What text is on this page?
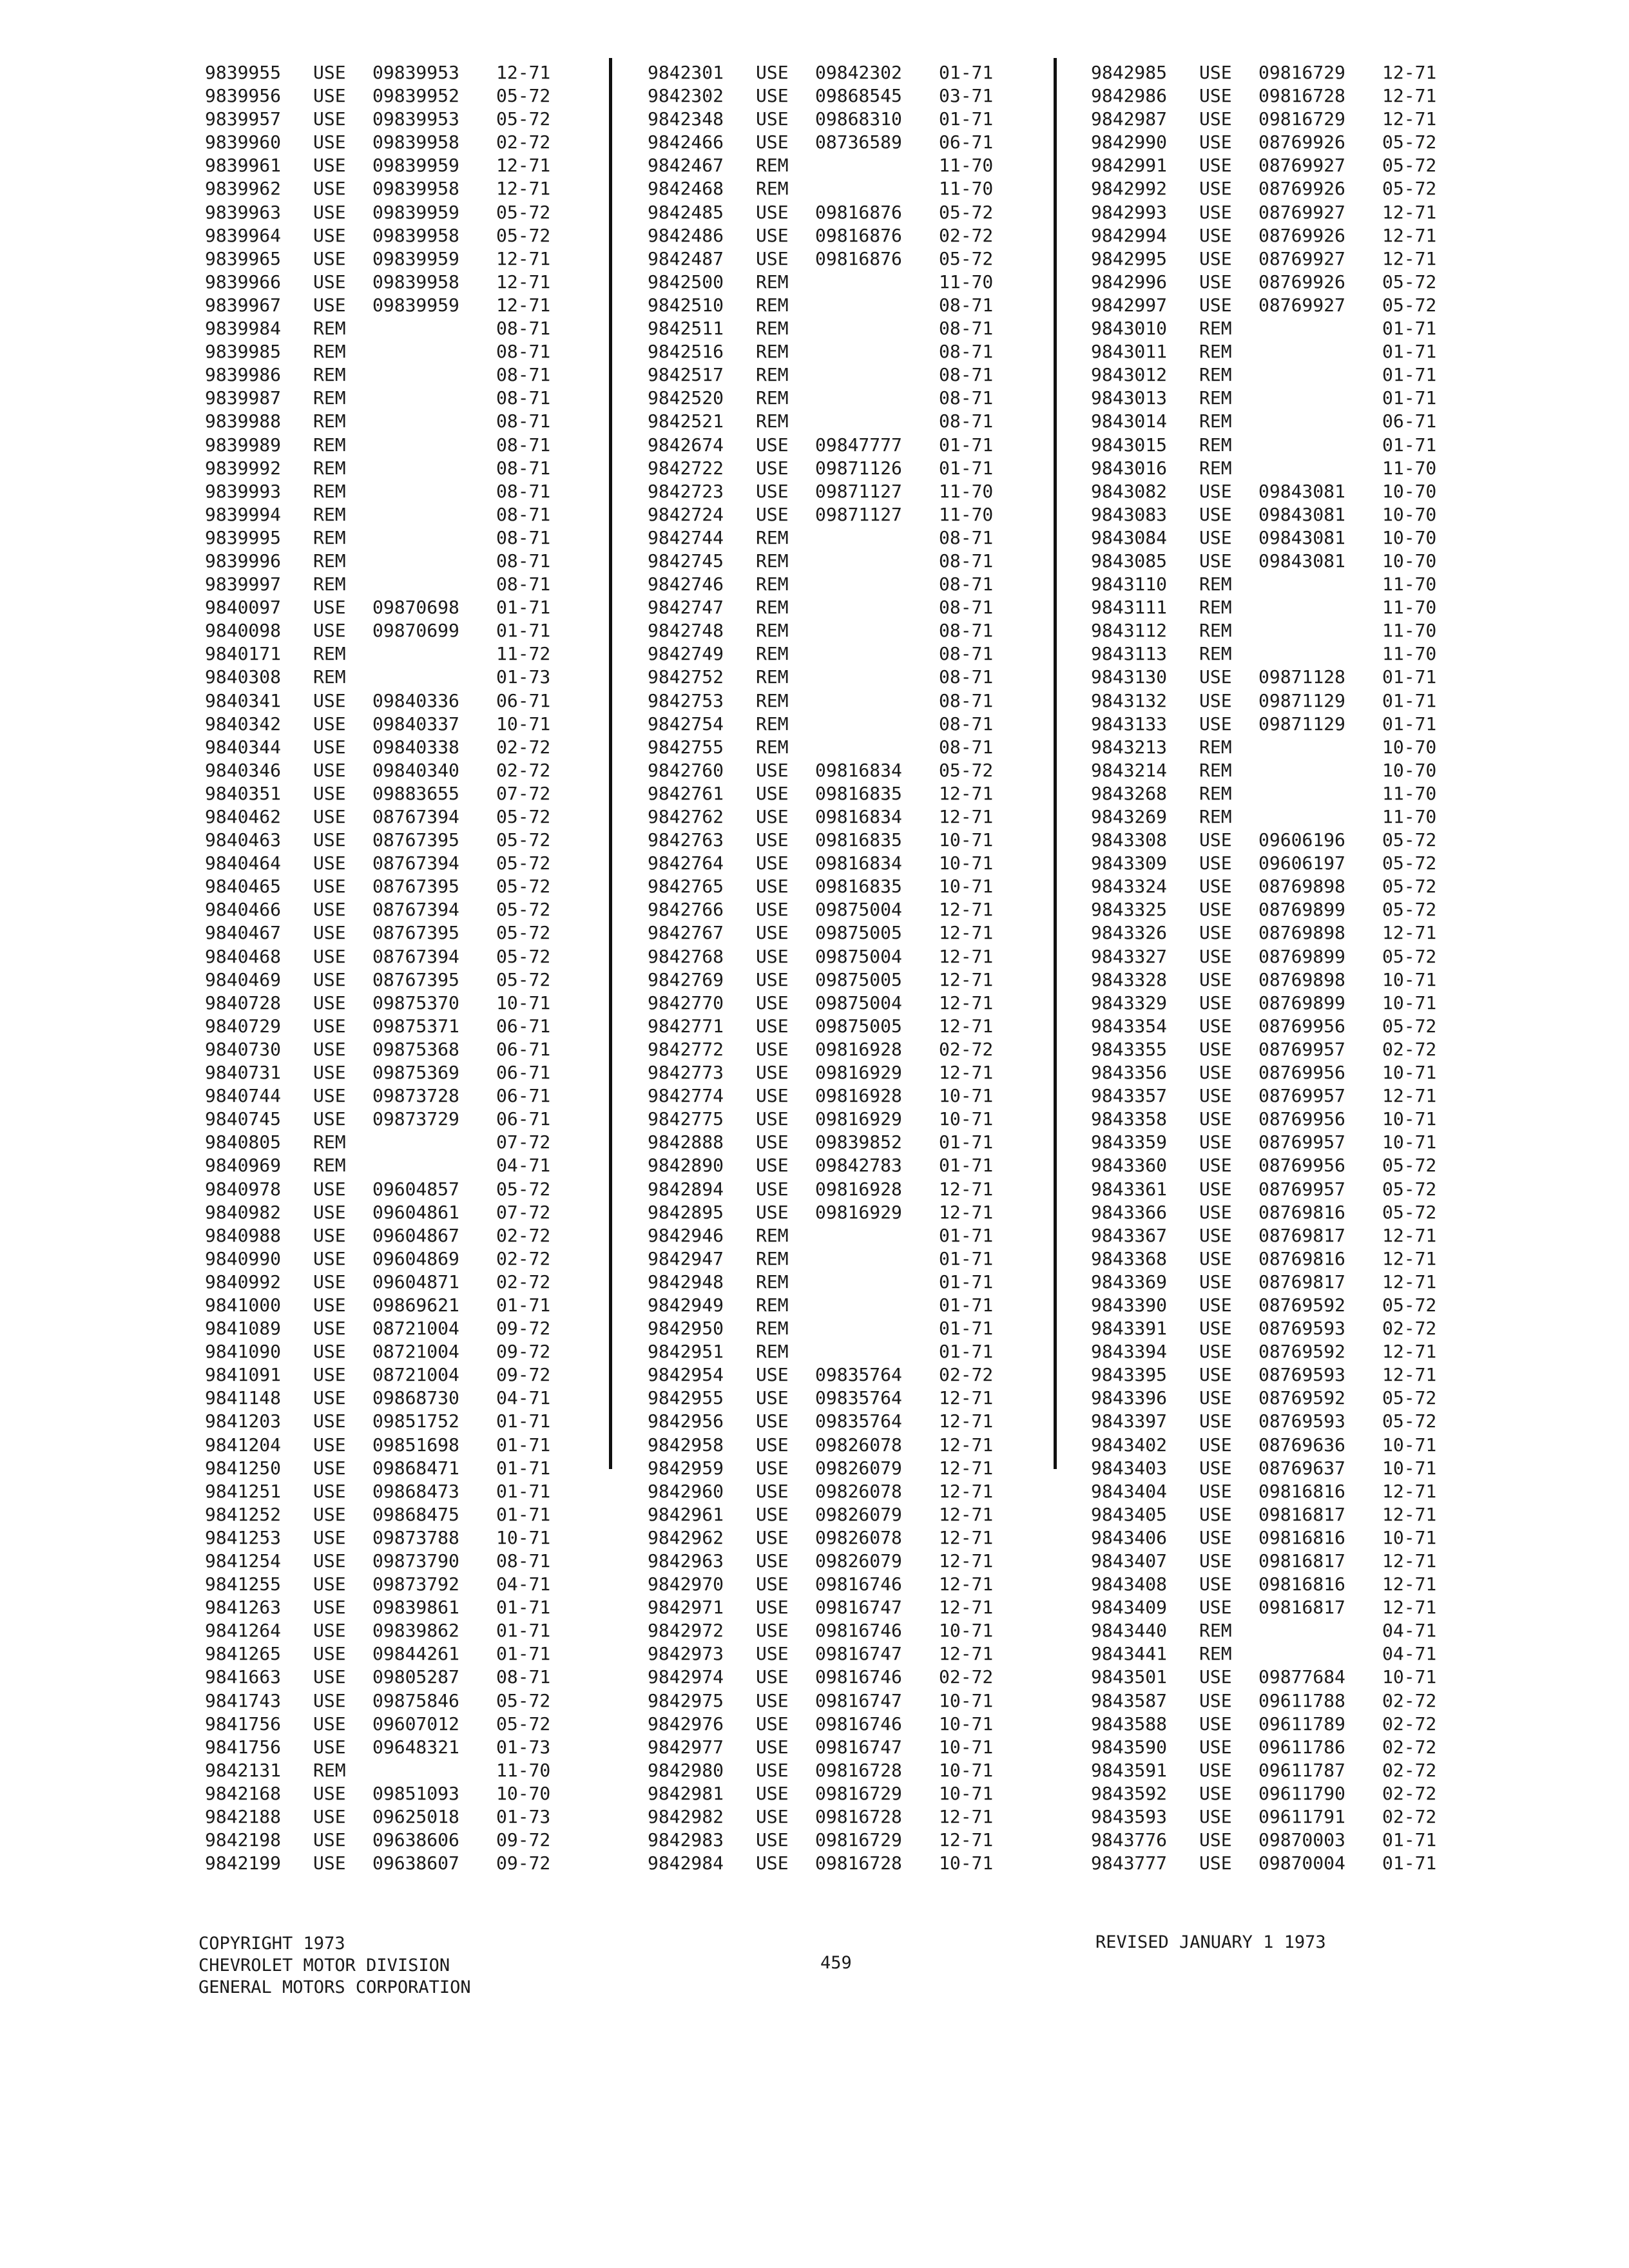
9839955 USE 09839953 12-71
9839956 USE 09839952 05-72
9839957 USE 09839953 05-72
9839960 USE 09839958 02-72
9839961 USE 09839959 12-71
9839962 USE 09839958 12-71
9839963 USE 09839959 05-72
9839964 USE 09839958 05-72
9839965 USE 09839959 12-71
9839966 USE 09839958 12-71
9839967 USE 09839959 12-71
9839984 REM	08-71
9839985 REM	08-71
9839986 REM	08-71
9839987 REM	08-71
9839988 REM	08-71
9839989 REM	08-71
9839992 REM	08-71
9839993 REM	08-71
9839994 REM	08-71
9839995 REM	08-71
9839996 REM	08-71
9839997 REM	08-71
9840097 USE 09870698 01-71
9840098 USE 09870699 01-71
9840171 REM	11-72
9840308 REM	01-73
9840341 USE 09840336 06-71
9840342 USE 09840337 10-71
9840344 USE 09840338 02-72
9840346 USE 09840340 02-72
9840351 USE 09883655 07-72
9840462 USE 08767394 05-72
9840463 USE 08767395 05-72
9840464 USE 08767394 05-72
9840465 USE 08767395 05-72
9840466 USE 08767394 05-72
9840467 USE 08767395 05-72
9840468 USE 08767394 05-72
9840469 USE 08767395 05-72
9840728 USE 09875370 10-71
9840729 USE 09875371 06-71
9840730 USE 09875368 06-71
9840731 USE 09875369 06-71
9840744 USE 09873728 06-71
9840745 USE 09873729 06-71
9840805 REM	07-72
9840969 REM	04-71
9840978 USE 09604857 05-72
9840982 USE 09604861 07-72
9840988 USE 09604867 02-72
9840990 USE 09604869 02-72
9840992 USE 09604871 02-72
9841000 USE 09869621 01-71
9841089 USE 08721004 09-72
9841090 USE 08721004 09-72
9841091 USE 08721004 09-72
9841148 USE 09868730 04-71
9841203 USE 09851752 01-71
9841204 USE 09851698 01-71
9841250 USE 09868471 01-71
9841251 USE 09868473 01-71
9841252 USE 09868475 01-71
9841253 USE 09873788 10-71
9841254 USE 09873790 08-71
9841255 USE 09873792 04-71
9841263 USE 09839861 01-71
9841264 USE 09839862 01-71
9841265 USE 09844261 01-71
9841663 USE 09805287 08-71
9841743 USE 09875846 05-72
9841756 USE 09607012 05-72
9841756 USE 09648321 01-73
9842131 REM	11-70
9842168 USE 09851093 10-70
9842188 USE 09625018 01-73
9842198 USE 09638606 09-72
9842199 USE 09638607 09-72
9842301 USE 09842302 01-71
9842302 USE 09868545 03-71
9842348 USE 09868310 01-71
9842466 USE 08736589 06-71
9842467 REM	11-70
9842468 REM	11-70
9842485 USE 09816876 05-72
9842486 USE 09816876 02-72
9842487 USE 09816876 05-72
9842500 REM	11-70
9842510 REM	08-71
9842511 REM	08-71
9842516 REM	08-71
9842517 REM	08-71
9842520 REM	08-71
9842521 REM	08-71
9842674 USE 09847777 01-71
9842722 USE 09871126 01-71
9842723 USE 09871127 11-70
9842724 USE 09871127 11-70
9842744 REM	08-71
9842745 REM	08-71
9842746 REM	08-71
9842747 REM	08-71
9842748 REM	08-71
9842749 REM	08-71
9842752 REM	08-71
9842753 REM	08-71
9842754 REM	08-71
9842755 REM	08-71
9842760 USE 09816834 05-72
9842761 USE 09816835 12-71
9842762 USE 09816834 12-71
9842763 USE 09816835 10-71
9842764 USE 09816834 10-71
9842765 USE 09816835 10-71
9842766 USE 09875004 12-71
9842767 USE 09875005 12-71
9842768 USE 09875004 12-71
9842769 USE 09875005 12-71
9842770 USE 09875004 12-71
9842771 USE 09875005 12-71
9842772 USE 09816928 02-72
9842773 USE 09816929 12-71
9842774 USE 09816928 10-71
9842775 USE 09816929 10-71
9842888 USE 09839852 01-71
9842890 USE 09842783 01-71
9842894 USE 09816928 12-71
9842895 USE 09816929 12-71
9842946 REM	01-71
9842947 REM	01-71
9842948 REM	01-71
9842949 REM	01-71
9842950 REM	01-71
9842951 REM	01-71
9842954 USE 09835764 02-72
9842955 USE 09835764 12-71
9842956 USE 09835764 12-71
9842958 USE 09826078 12-71
9842959 USE 09826079 12-71
9842960 USE 09826078 12-71
9842961 USE 09826079 12-71
9842962 USE 09826078 12-71
9842963 USE 09826079 12-71
9842970 USE 09816746 12-71
9842971 USE 09816747 12-71
9842972 USE 09816746 10-71
9842973 USE 09816747 12-71
9842974 USE 09816746 02-72
9842975 USE 09816747 10-71
9842976 USE 09816746 10-71
9842977 USE 09816747 10-71
9842980 USE 09816728 10-71
9842981 USE 09816729 10-71
9842982 USE 09816728 12-71
9842983 USE 09816729 12-71
9842984 USE 09816728 10-71
9842985 USE 09816729 12-71
9842986 USE 09816728 12-71
9842987 USE 09816729 12-71
9842990 USE 08769926 05-72
9842991 USE 08769927 05-72
9842992 USE 08769926 05-72
9842993 USE 08769927 12-71
9842994 USE 08769926 12-71
9842995 USE 08769927 12-71
9842996 USE 08769926 05-72
9842997 USE 08769927 05-72
9843010 REM	01-71
9843011 REM	01-71
9843012 REM	01-71
9843013 REM	01-71
9843014 REM	06-71
9843015 REM	01-71
9843016 REM	11-70
9843082 USE 09843081 10-70
9843083 USE 09843081 10-70
9843084 USE 09843081 10-70
9843085 USE 09843081 10-70
9843110 REM	11-70
9843111 REM	11-70
9843112 REM	11-70
9843113 REM	11-70
9843130 USE 09871128 01-71
9843132 USE 09871129 01-71
9843133 USE 09871129 01-71
9843213 REM	10-70
9843214 REM	10-70
9843268 REM	11-70
9843269 REM	11-70
9843308 USE 09606196 05-72
9843309 USE 09606197 05-72
9843324 USE 08769898 05-72
9843325 USE 08769899 05-72
9843326 USE 08769898 12-71
9843327 USE 08769899 05-72
9843328 USE 08769898 10-71
9843329 USE 08769899 10-71
9843354 USE 08769956 05-72
9843355 USE 08769957 02-72
9843356 USE 08769956 10-71
9843357 USE 08769957 12-71
9843358 USE 08769956 10-71
9843359 USE 08769957 10-71
9843360 USE 08769956 05-72
9843361 USE 08769957 05-72
9843366 USE 08769816 05-72
9843367 USE 08769817 12-71
9843368 USE 08769816 12-71
9843369 USE 08769817 12-71
9843390 USE 08769592 05-72
9843391 USE 08769593 02-72
9843394 USE 08769592 12-71
9843395 USE 08769593 12-71
9843396 USE 08769592 05-72
9843397 USE 08769593 05-72
9843402 USE 08769636 10-71
9843403 USE 08769637 10-71
9843404 USE 09816816 12-71
9843405 USE 09816817 12-71
9843406 USE 09816816 10-71
9843407 USE 09816817 12-71
9843408 USE 09816816 12-71
9843409 USE 09816817 12-71
9843440 REM	04-71
9843441 REM	04-71
9843501 USE 09877684 10-71
9843587 USE 09611788 02-72
9843588 USE 09611789 02-72
9843590 USE 09611786 02-72
9843591 USE 09611787 02-72
9843592 USE 09611790 02-72
9843593 USE 09611791 02-72
9843776 USE 09870003 01-71
9843777 USE 09870004 01-71
COPYRIGHT 1973
CHEVROLET MOTOR DIVISION
GENERAL MOTORS CORPORATION
459
REVISED JANUARY 1 1973
